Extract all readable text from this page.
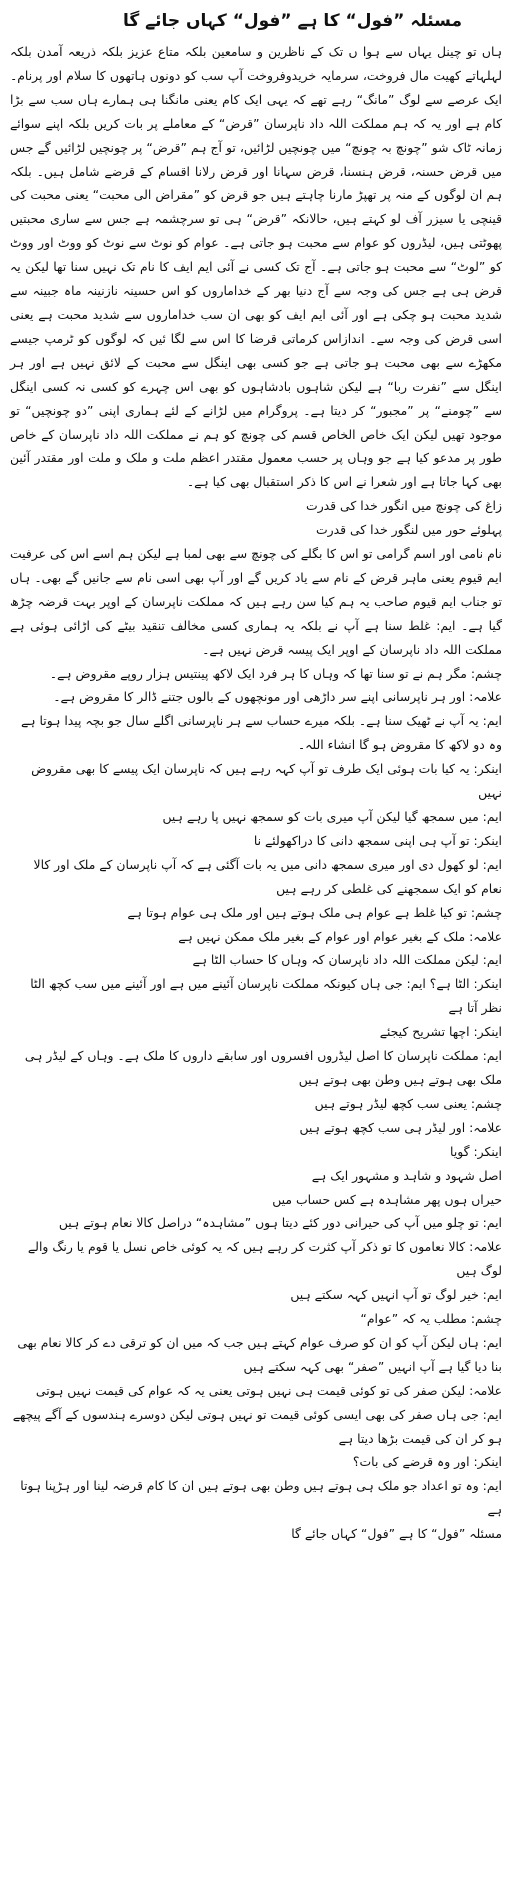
مسئلہ ”فول“ کا ہے ”فول“ کہاں جائے گا

ہاں تو چینل یہاں سے ہوا ں تک کے ناظرین و سامعین بلکہ متاع عزیز بلکہ ذریعہ آمدن بلکہ لہلہاتے کھیت مال فروخت، سرمایہ خریدوفروخت آپ سب کو دونوں ہاتھوں کا سلام اور پرنام۔ ایک عرصے سے لوگ ”مانگ“ رہے تھے کہ یہی ایک کام یعنی مانگنا ہی ہمارے ہاں سب سے بڑا کام ہے اور یہ کہ ہم مملکت اللہ داد ناپرسان ”قرض“ کے معاملے پر بات کریں بلکہ اپنے سوائے زمانہ ٹاک شو ”چونچ بہ چونچ“ میں چونچیں لڑائیں، تو آج ہم ”قرض“ پر چونچیں لڑائیں گے جس میں قرض حسنہ، قرض ہنسنا، قرض سہانا اور قرض رلانا اقسام کے قرضے شامل ہیں۔ بلکہ ہم ان لوگوں کے منہ پر تھپڑ مارنا چاہتے ہیں جو قرض کو ”مقراض الی محبت“ یعنی محبت کی قینچی یا سیزر آف لو کہتے ہیں، حالانکہ ”قرض“ ہی تو سرچشمہ ہے جس سے ساری محبتیں پھوٹتی ہیں، لیڈروں کو عوام سے محبت ہو جاتی ہے۔ عوام کو نوٹ سے نوٹ کو ووٹ اور ووٹ کو ”لوٹ“ سے محبت ہو جاتی ہے۔ آج تک کسی نے آئی ایم ایف کا نام تک نہیں سنا تھا لیکن یہ قرض ہی ہے جس کی وجہ سے آج دنیا بھر کے خداماروں کو اس حسینہ نازنینہ ماہ جبینہ سے شدید محبت ہو چکی ہے اور آئی ایم ایف کو بھی ان سب خداماروں سے شدید محبت ہے یعنی اسی قرض کی وجہ سے۔ اندازاس کرماتی قرضا کا اس سے لگا ئیں کہ لوگوں کو ٹرمپ جیسے مکھڑے سے بھی محبت ہو جاتی ہے جو کسی بھی اینگل سے محبت کے لائق نہیں ہے اور ہر اینگل سے ”نفرت ربا“ ہے لیکن شاہوں بادشاہوں کو بھی اس چہرے کو کسی نہ کسی اینگل سے ”چومنے“ پر ”مجبور“ کر دیتا ہے۔ پروگرام میں لڑانے کے لئے ہماری اپنی ”دو چونچیں“ تو موجود تھیں لیکن ایک خاص الخاص قسم کی چونچ کو ہم نے مملکت اللہ داد ناپرسان کے خاص طور پر مدعو کیا ہے جو وہاں پر حسب معمول مقتدر اعظم ملت و ملک و ملت اور مقتدر آئین بھی کہا جاتا ہے اور شعرا نے اس کا ذکر استقبال بھی کیا ہے۔

زاغ کی چونچ میں انگور خدا کی قدرت

پہلوئے حور میں لنگور خدا کی قدرت

نام نامی اور اسم گرامی تو اس کا بگلے کی چونچ سے بھی لمبا ہے لیکن ہم اسے اس کی عرفیت ایم قیوم یعنی ماہر قرض کے نام سے یاد کریں گے اور آپ بھی اسی نام سے جانیں گے بھی۔ ہاں تو جناب ایم قیوم صاحب یہ ہم کیا سن رہے ہیں کہ مملکت ناپرسان کے اوپر بہت قرضہ چڑھ گیا ہے۔ ایم: غلط سنا ہے آپ نے بلکہ یہ ہماری کسی مخالف تنقید بیٹے کی اڑائی ہوئی ہے مملکت اللہ داد ناپرسان کے اوپر ایک پیسہ قرض نہیں ہے۔

چشم: مگر ہم نے تو سنا تھا کہ وہاں کا ہر فرد ایک لاکھ پینتیس ہزار روپے مقروض ہے۔

علامہ: اور ہر ناپرسانی اپنے سر داڑھی اور مونچھوں کے بالوں جتنے ڈالر کا مقروض ہے۔

ایم: یہ آپ نے ٹھیک سنا ہے۔ بلکہ میرے حساب سے ہر ناپرسانی اگلے سال جو بچہ پیدا ہوتا ہے وہ دو لاکھ کا مقروض ہو گا انشاء اللہ۔

اینکر: یہ کیا بات ہوئی ایک طرف تو آپ کہہ رہے ہیں کہ ناپرسان ایک پیسے کا بھی مقروض نہیں

ایم: میں سمجھ گیا لیکن آپ میری بات کو سمجھ نہیں پا رہے ہیں

اینکر: تو آپ ہی اپنی سمجھ دانی کا دراکھولئے نا

ایم: لو کھول دی اور میری سمجھ دانی میں یہ بات آگئی ہے کہ آپ ناپرسان کے ملک اور کالا نعام کو ایک سمجھنے کی غلطی کر رہے ہیں

چشم: تو کیا غلط ہے عوام ہی ملک ہوتے ہیں اور ملک ہی عوام ہوتا ہے

علامہ: ملک کے بغیر عوام اور عوام کے بغیر ملک ممکن نہیں ہے

ایم: لیکن مملکت اللہ داد ناپرسان کہ وہاں کا حساب الٹا ہے

اینکر: الٹا ہے؟ ایم: جی ہاں کیونکہ مملکت ناپرسان آئینے میں ہے اور آئینے میں سب کچھ الٹا نظر آتا ہے

اینکر: اچھا تشریح کیجئے

ایم: مملکت ناپرسان کا اصل لیڈروں افسروں اور سابقے داروں کا ملک ہے۔ وہاں کے لیڈر ہی ملک بھی ہوتے ہیں وطن بھی ہوتے ہیں

چشم: یعنی سب کچھ لیڈر ہوتے ہیں

علامہ: اور لیڈر ہی سب کچھ ہوتے ہیں

اینکر: گویا

اصل شہود و شاہد و مشہور ایک ہے

حیراں ہوں پھر مشاہدہ ہے کس حساب میں

ایم: تو چلو میں آپ کی حیرانی دور کئے دیتا ہوں ”مشاہدہ“ دراصل کالا نعام ہوتے ہیں

علامہ: کالا نعاموں کا تو ذکر آپ کثرت کر رہے ہیں کہ یہ کوئی خاص نسل یا قوم یا رنگ والے لوگ ہیں

ایم: خیر لوگ تو آپ انہیں کہہ سکتے ہیں

چشم: مطلب یہ کہ ”عوام“

ایم: ہاں لیکن آپ کو ان کو صرف عوام کہتے ہیں جب کہ میں ان کو ترقی دے کر کالا نعام بھی بنا دیا گیا ہے آپ انہیں ”صفر“ بھی کہہ سکتے ہیں

علامہ: لیکن صفر کی تو کوئی قیمت ہی نہیں ہوتی یعنی یہ کہ عوام کی قیمت نہیں ہوتی

ایم: جی ہاں صفر کی بھی ایسی کوئی قیمت تو نہیں ہوتی لیکن دوسرے ہندسوں کے آگے پیچھے ہو کر ان کی قیمت بڑھا دیتا ہے

اینکر: اور وہ قرضے کی بات؟

ایم: وہ تو اعداد جو ملک ہی ہوتے ہیں وطن بھی ہوتے ہیں ان کا کام قرضہ لینا اور ہڑپنا ہوتا ہے

مسئلہ ”فول“ کا ہے ”فول“ کہاں جائے گا
